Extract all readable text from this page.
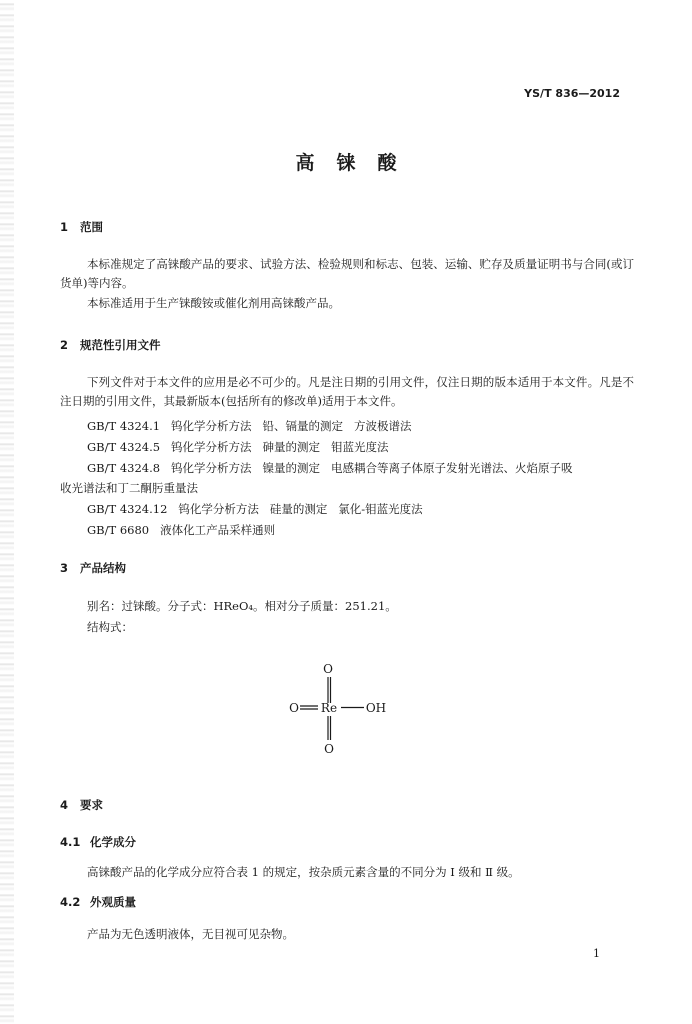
YS/T 836—2012
高铼酸
1 范围
本标准规定了高铼酸产品的要求、试验方法、检验规则和标志、包装、运输、贮存及质量证明书与合同(或订货单)等内容。
本标准适用于生产铼酸铵或催化剂用高铼酸产品。
2 规范性引用文件
下列文件对于本文件的应用是必不可少的。凡是注日期的引用文件，仅注日期的版本适用于本文件。凡是不注日期的引用文件，其最新版本(包括所有的修改单)适用于本文件。
GB/T 4324.1   钨化学分析方法   铅、镉量的测定   方波极谱法
GB/T 4324.5   钨化学分析方法   砷量的测定   钼蓝光度法
GB/T 4324.8   钨化学分析方法   镍量的测定   电感耦合等离子体原子发射光谱法、火焰原子吸
收光谱法和丁二酮肟重量法
GB/T 4324.12   钨化学分析方法   硅量的测定   氯化-钼蓝光度法
GB/T 6680   液体化工产品采样通则
3 产品结构
别名：过铼酸。分子式：HReO₄。相对分子质量：251.21。
结构式：
O
O Re OH
O
4 要求
4.1 化学成分
高铼酸产品的化学成分应符合表 1 的规定，按杂质元素含量的不同分为 Ⅰ 级和 Ⅱ 级。
4.2 外观质量
产品为无色透明液体，无目视可见杂物。
1
